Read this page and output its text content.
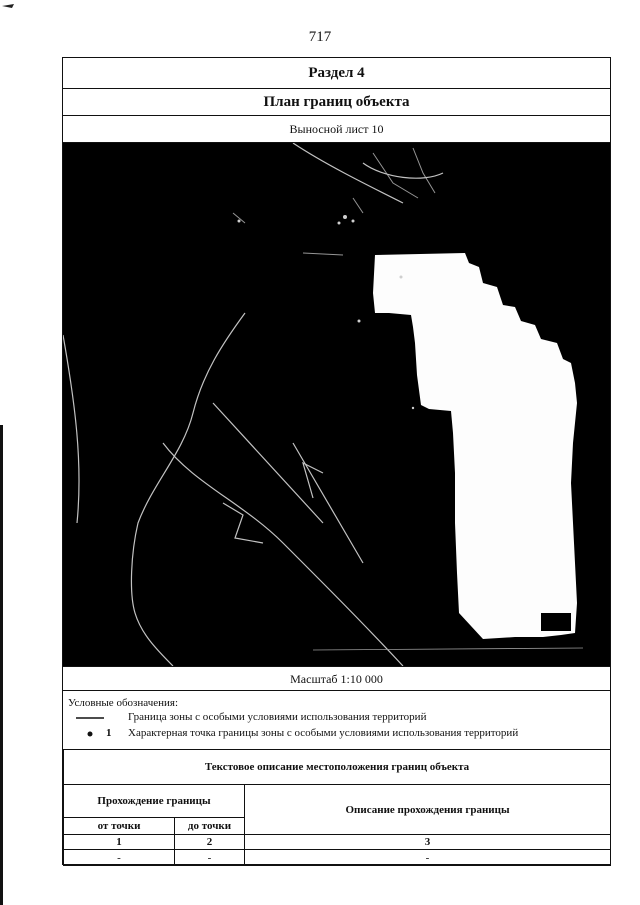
717
Раздел 4
План границ объекта
Выносной лист 10
Масштаб 1:10 000
Условные обозначения:
Граница зоны с особыми условиями использования территорий
1 Характерная точка границы зоны с особыми условиями использования территорий
Текстовое описание местоположения границ объекта		
Прохождение границы		Описание прохождения границы
от точки	до точки	
1	2	3
-	-	-
